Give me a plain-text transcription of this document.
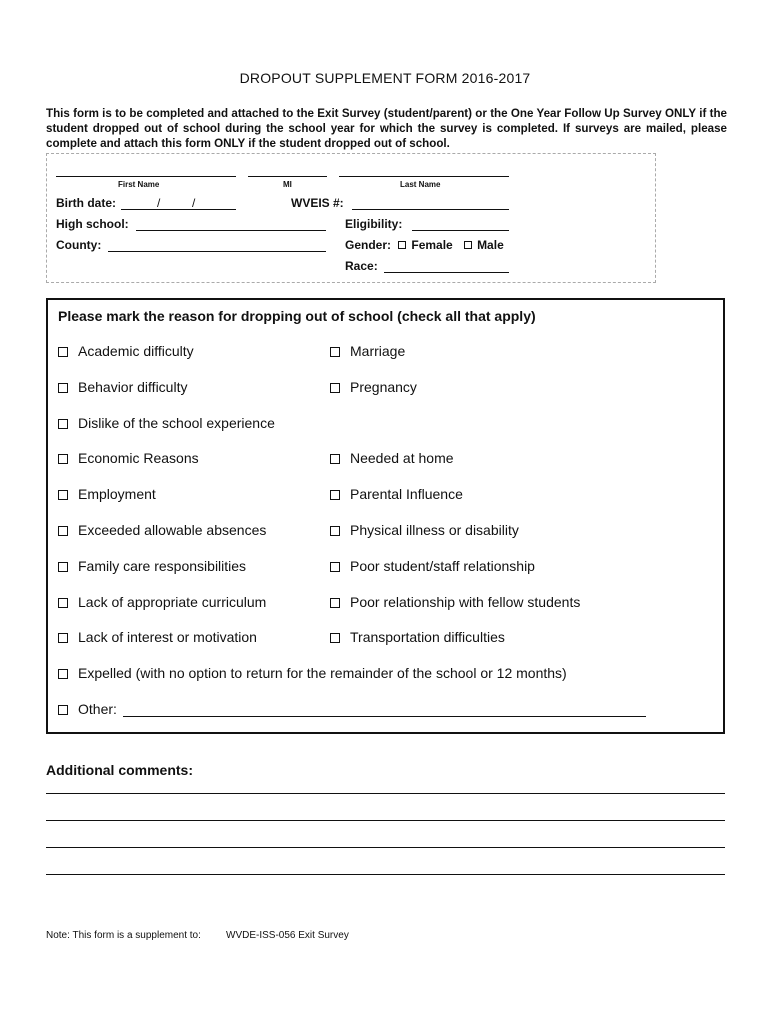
DROPOUT SUPPLEMENT FORM 2016-2017
This form is to be completed and attached to the Exit Survey (student/parent) or the One Year Follow Up Survey ONLY if the student dropped out of school during the school year for which the survey is completed. If surveys are mailed, please complete and attach this form ONLY if the student dropped out of school.
First Name	MI	Last Name
Birth date:	/	/	WVEIS #:
High school:	Eligibility:
County:	Gender: Female Male
Race:
Please mark the reason for dropping out of school (check all that apply)
Academic difficulty
Behavior difficulty
Dislike of the school experience
Economic Reasons
Employment
Exceeded allowable absences
Family care responsibilities
Lack of appropriate curriculum
Lack of interest or motivation
Marriage
Pregnancy
Needed at home
Parental Influence
Physical illness or disability
Poor student/staff relationship
Poor relationship with fellow students
Transportation difficulties
Expelled (with no option to return for the remainder of the school or 12 months)
Other:
Additional comments:
Note: This form is a supplement to:	WVDE-ISS-056 Exit Survey
